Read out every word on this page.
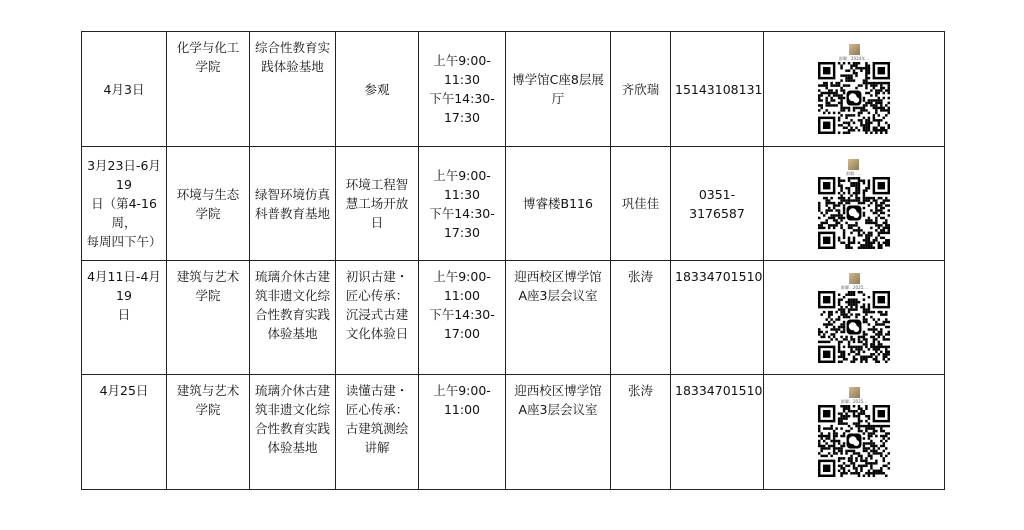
4月3日	化学与化工
学院	综合性教育实
践体验基地	参观	上午9:00-11:30
下午14:30-17:30	博学馆C座8层展
厅	齐欣瑞	15143108131	群聊：2024年...

3月23日-6月19
日（第4-16周，
每周四下午）	环境与生态
学院	绿智环境仿真
科普教育基地	环境工程智
慧工场开放
日	上午9:00-11:30
下午14:30-17:30	博睿楼B116	巩佳佳	0351-3176587	群聊：...

4月11日-4月19
日	建筑与艺术
学院	琉璃介休古建
筑非遗文化综
合性教育实践
体验基地	初识古建・
匠心传承：
沉浸式古建
文化体验日	上午9:00-11:00
下午14:30-17:00	迎西校区博学馆
A座3层会议室	张涛	18334701510	群聊：2025...

4月25日	建筑与艺术
学院	琉璃介休古建
筑非遗文化综
合性教育实践
体验基地	读懂古建・
匠心传承：
古建筑测绘
讲解	上午9:00-11:00	迎西校区博学馆
A座3层会议室	张涛	18334701510	群聊：2025...
